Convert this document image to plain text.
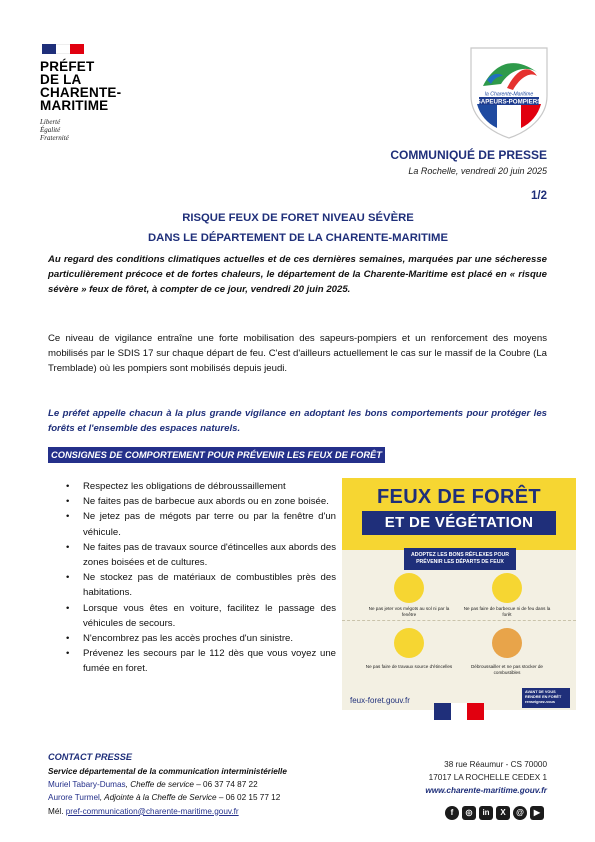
PRÉFET
DE LA
CHARENTE-
MARITIME
Liberté
Égalité
Fraternité
la Charente-Maritime
SAPEURS-POMPIERS
COMMUNIQUÉ DE PRESSE
La Rochelle, vendredi 20 juin 2025
1/2
RISQUE FEUX DE FORET NIVEAU SÉVÈRE
DANS LE DÉPARTEMENT DE LA CHARENTE-MARITIME

Au regard des conditions climatiques actuelles et de ces dernières semaines, marquées par une sécheresse particulièrement précoce et de fortes chaleurs, le département de la Charente-Maritime est placé en « risque sévère » feux de fôret, à compter de ce jour, vendredi 20 juin 2025.

Ce niveau de vigilance entraîne une forte mobilisation des sapeurs-pompiers et un renforcement des moyens mobilisés par le SDIS 17 sur chaque départ de feu. C'est d'ailleurs actuellement le cas sur le massif de la Coubre (La Tremblade) où les pompiers sont mobilisés depuis jeudi.

Le préfet appelle chacun à la plus grande vigilance en adoptant les bons comportements pour protéger les forêts et l'ensemble des espaces naturels.

CONSIGNES DE COMPORTEMENT POUR PRÉVENIR LES FEUX DE FORÊT
• Respectez les obligations de débroussaillement
• Ne faites pas de barbecue aux abords ou en zone boisée.
• Ne jetez pas de mégots par terre ou par la fenêtre d'un véhicule.
• Ne faites pas de travaux source d'étincelles aux abords des zones boisées et de cultures.
• Ne stockez pas de matériaux de combustibles près des habitations.
• Lorsque vous êtes en voiture, facilitez le passage des véhicules de secours.
• N'encombrez pas les accès proches d'un sinistre.
• Prévenez les secours par le 112 dès que vous voyez une fumée en foret.
FEUX DE FORÊT
ET DE VÉGÉTATION
ADOPTEZ LES BONS RÉFLEXES POUR PRÉVENIR LES DÉPARTS DE FEUX
Ne pas jeter vos mégots au sol ni par la fenêtre
Ne pas faire de barbecue ni de feu dans la forêt
Ne pas faire de travaux source d'étincelles	Débroussailler et ne pas stocker de combustibles
feux-foret.gouv.fr
AVANT DE VOUS RENDRE EN FORÊT renseignez-vous
CONTACT PRESSE
Service départemental de la communication interministérielle
Muriel Tabary-Dumas, Cheffe de service – 06 37 74 87 22
Aurore Turmel, Adjointe à la Cheffe de Service – 06 02 15 77 12
Mél. pref-communication@charente-maritime.gouv.fr
38 rue Réaumur - CS 70000
17017 LA ROCHELLE CEDEX 1
www.charente-maritime.gouv.fr
f	◎	in	X	@	▶
